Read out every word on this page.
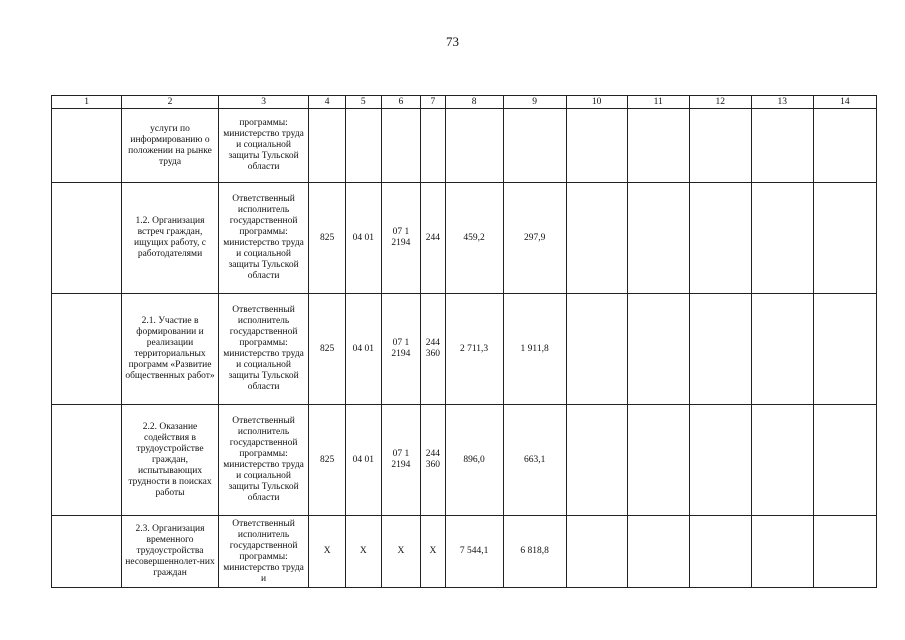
73
1	2	3	4	5	6	7	8	9	10	11	12	13	14
	услуги по информированию о положении на рынке труда	программы: министерство труда и социальной защиты Тульской области											
	1.2. Организация встреч граждан, ищущих работу, с работодателями	Ответственный исполнитель государственной программы: министерство труда и социальной защиты Тульской области	825	04 01	07 1 2194	244	459,2	297,9					
	2.1. Участие в формировании и реализации территориальных программ «Развитие общественных работ»	Ответственный исполнитель государственной программы: министерство труда и социальной защиты Тульской области	825	04 01	07 1 2194	244 360	2 711,3	1 911,8					
	2.2. Оказание содействия в трудоустройстве граждан, испытывающих трудности в поисках работы	Ответственный исполнитель государственной программы: министерство труда и социальной защиты Тульской области	825	04 01	07 1 2194	244 360	896,0	663,1					
	2.3. Организация временного трудоустройства несовершеннолет-них граждан	Ответственный исполнитель государственной программы: министерство труда и	Х	Х	Х	Х	7 544,1	6 818,8					
